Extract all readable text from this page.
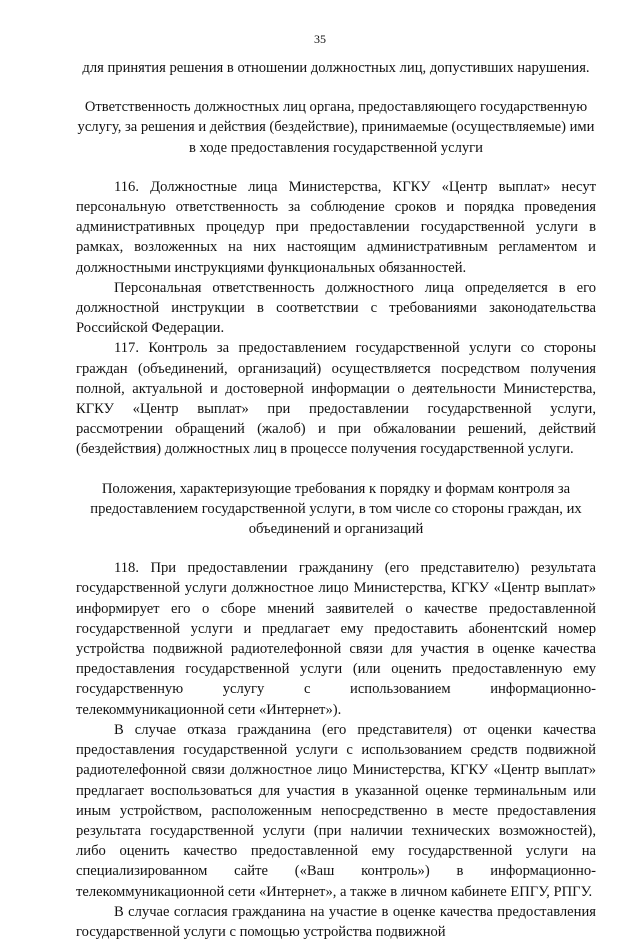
35

для принятия решения в отношении должностных лиц, допустивших нарушения.

Ответственность должностных лиц органа, предоставляющего государственную услугу, за решения и действия (бездействие), принимаемые (осуществляемые) ими в ходе предоставления государственной услуги

116. Должностные лица Министерства, КГКУ «Центр выплат» несут персональную ответственность за соблюдение сроков и порядка проведения административных процедур при предоставлении государственной услуги в рамках, возложенных на них настоящим административным регламентом и должностными инструкциями функциональных обязанностей.

Персональная ответственность должностного лица определяется в его должностной инструкции в соответствии с требованиями законодательства Российской Федерации.

117. Контроль за предоставлением государственной услуги со стороны граждан (объединений, организаций) осуществляется посредством получения полной, актуальной и достоверной информации о деятельности Министерства, КГКУ «Центр выплат» при предоставлении государственной услуги, рассмотрении обращений (жалоб) и при обжаловании решений, действий (бездействия) должностных лиц в процессе получения государственной услуги.

Положения, характеризующие требования к порядку и формам контроля за предоставлением государственной услуги, в том числе со стороны граждан, их объединений и организаций

118. При предоставлении гражданину (его представителю) результата государственной услуги должностное лицо Министерства, КГКУ «Центр выплат» информирует его о сборе мнений заявителей о качестве предоставленной государственной услуги и предлагает ему предоставить абонентский номер устройства подвижной радиотелефонной связи для участия в оценке качества предоставления государственной услуги (или оценить предоставленную ему государственную услугу с использованием информационно-телекоммуникационной сети «Интернет»).

В случае отказа гражданина (его представителя) от оценки качества предоставления государственной услуги с использованием средств подвижной радиотелефонной связи должностное лицо Министерства, КГКУ «Центр выплат» предлагает воспользоваться для участия в указанной оценке терминальным или иным устройством, расположенным непосредственно в месте предоставления результата государственной услуги (при наличии технических возможностей), либо оценить качество предоставленной ему государственной услуги на специализированном сайте («Ваш контроль») в информационно-телекоммуникационной сети «Интернет», а также в личном кабинете ЕПГУ, РПГУ.

В случае согласия гражданина на участие в оценке качества предоставления государственной услуги с помощью устройства подвижной
